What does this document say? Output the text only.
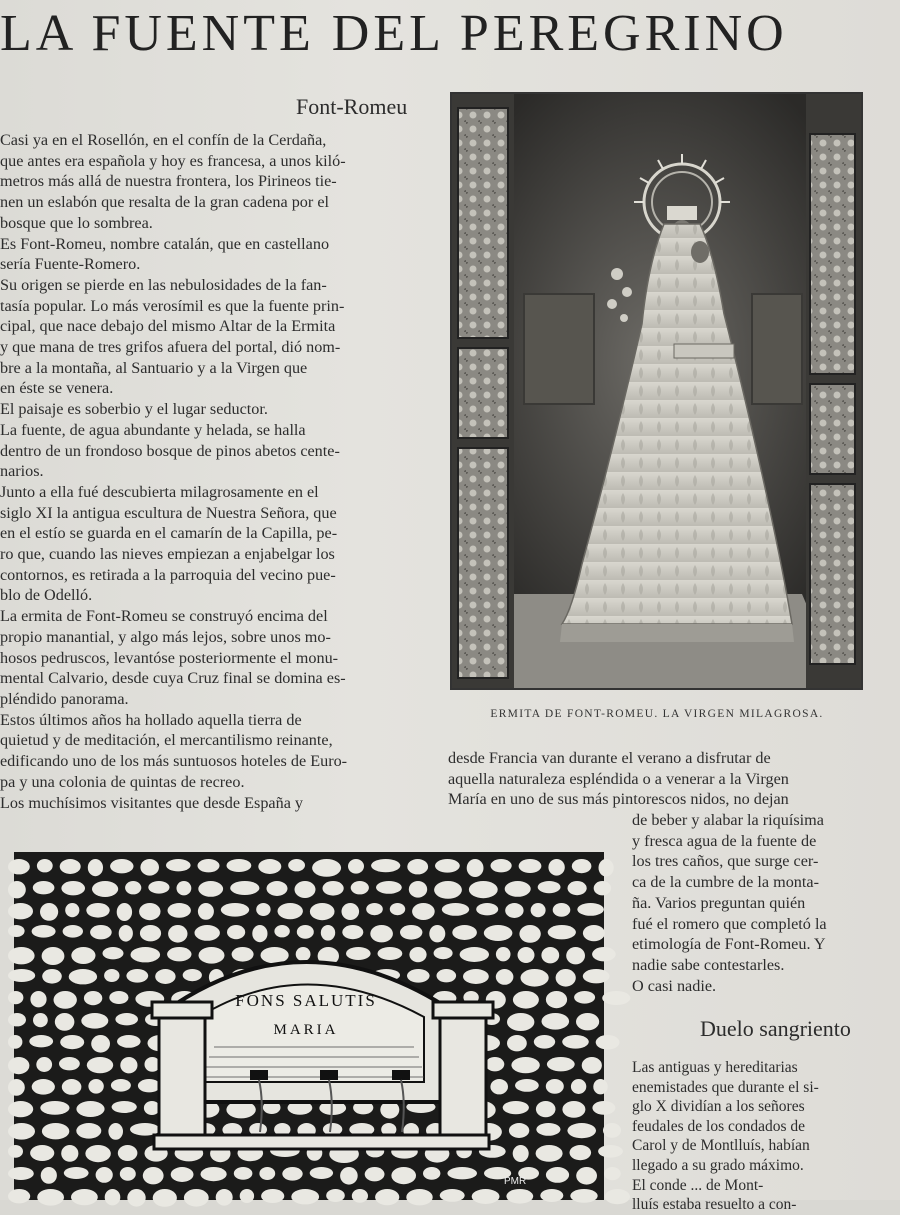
LA FUENTE DEL PEREGRINO
Font-Romeu
Casi ya en el Rosellón, en el confín de la Cerdaña,
que antes era española y hoy es francesa, a unos kiló-
metros más allá de nuestra frontera, los Pirineos tie-
nen un eslabón que resalta de la gran cadena por el
bosque que lo sombrea.
Es Font-Romeu, nombre catalán, que en castellano
sería Fuente-Romero.
Su origen se pierde en las nebulosidades de la fan-
tasía popular. Lo más verosímil es que la fuente prin-
cipal, que nace debajo del mismo Altar de la Ermita
y que mana de tres grifos afuera del portal, dió nom-
bre a la montaña, al Santuario y a la Virgen que
en éste se venera.
El paisaje es soberbio y el lugar seductor.
La fuente, de agua abundante y helada, se halla
dentro de un frondoso bosque de pinos abetos cente-
narios.
Junto a ella fué descubierta milagrosamente en el
siglo XI la antigua escultura de Nuestra Señora, que
en el estío se guarda en el camarín de la Capilla, pe-
ro que, cuando las nieves empiezan a enjabelgar los
contornos, es retirada a la parroquia del vecino pue-
blo de Odelló.
La ermita de Font-Romeu se construyó encima del
propio manantial, y algo más lejos, sobre unos mo-
hosos pedruscos, levantóse posteriormente el monu-
mental Calvario, desde cuya Cruz final se domina es-
pléndido panorama.
Estos últimos años ha hollado aquella tierra de
quietud y de meditación, el mercantilismo reinante,
edificando uno de los más suntuosos hoteles de Euro-
pa y una colonia de quintas de recreo.
Los muchísimos visitantes que desde España y
ERMITA DE FONT-ROMEU. LA VIRGEN MILAGROSA.
desde Francia van durante el verano a disfrutar de
aquella naturaleza espléndida o a venerar a la Virgen
María en uno de sus más pintorescos nidos, no dejan
de beber y alabar la riquísima
y fresca agua de la fuente de
los tres caños, que surge cer-
ca de la cumbre de la monta-
ña. Varios preguntan quién
fué el romero que completó la
etimología de Font-Romeu. Y
nadie sabe contestarles.
O casi nadie.
Duelo sangriento
Las antiguas y hereditarias
enemistades que durante el si-
glo X dividían a los señores
feudales de los condados de
Carol y de Montlluís, habían
llegado a su grado máximo.
El conde ... de Mont-
lluís estaba resuelto a con-
FONS SALUTIS
MARIA
PMR
